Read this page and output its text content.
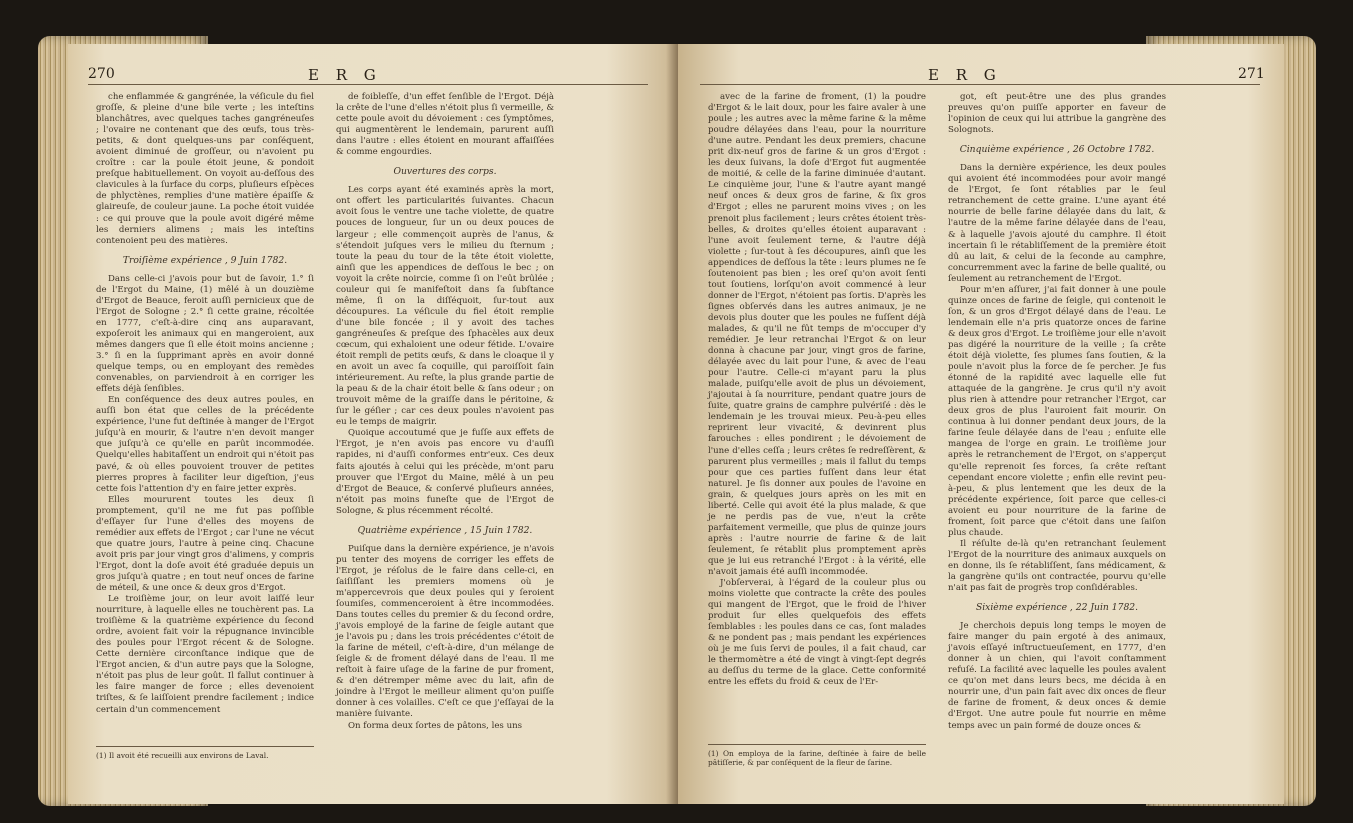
270	E R G

che enflammée & gangrénée, la véſicule du fiel groſſe, & pleine d'une bile verte ; les inteſtins blanchâtres, avec quelques taches gangréneuſes ; l'ovaire ne contenant que des œufs, tous très-petits, & dont quelques-uns par conſéquent, avoient diminué de groſſeur, ou n'avoient pu croître : car la poule étoit jeune, & pondoit preſque habituellement. On voyoit au-deſſous des clavicules à la ſurface du corps, pluſieurs eſpèces de phlyctènes, remplies d'une matière épaiſſe & glaireuſe, de couleur jaune. La poche étoit vuidée : ce qui prouve que la poule avoit digéré même les derniers alimens ; mais les inteſtins contenoient peu des matières.

Troiſième expérience , 9 Juin 1782.

Dans celle-ci j'avois pour but de ſavoir, 1.° ſi de l'Ergot du Maine, (1) mêlé à un douzième d'Ergot de Beauce, feroit auſſi pernicieux que de l'Ergot de Sologne ; 2.° ſi cette graine, récoltée en 1777, c'eſt-à-dire cinq ans auparavant, expoſeroit les animaux qui en mangeroient, aux mêmes dangers que ſi elle étoit moins ancienne ; 3.° ſi en la ſupprimant après en avoir donné quelque temps, ou en employant des remèdes convenables, on parviendroit à en corriger les effets déjà ſenſibles.

En conſéquence des deux autres poules, en auſſi bon état que celles de la précédente expérience, l'une fut deſtinée à manger de l'Ergot juſqu'à en mourir, & l'autre n'en devoit manger que juſqu'à ce qu'elle en parût incommodée. Quelqu'elles habitaſſent un endroit qui n'étoit pas pavé, & où elles pouvoient trouver de petites pierres propres à faciliter leur digeſtion, j'eus cette fois l'attention d'y en faire jetter exprès.

Elles moururent toutes les deux ſi promptement, qu'il ne me fut pas poſſible d'eſſayer ſur l'une d'elles des moyens de remédier aux effets de l'Ergot ; car l'une ne vécut que quatre jours, l'autre à peine cinq. Chacune avoit pris par jour vingt gros d'alimens, y compris l'Ergot, dont la doſe avoit été graduée depuis un gros juſqu'à quatre ; en tout neuf onces de farine de méteil, & une once & deux gros d'Ergot.

Le troiſième jour, on leur avoit laiſſé leur nourriture, à laquelle elles ne touchèrent pas. La troiſième & la quatrième expérience du ſecond ordre, avoient fait voir la répugnance invincible des poules pour l'Ergot récent & de Sologne. Cette dernière circonſtance indique que de l'Ergot ancien, & d'un autre pays que la Sologne, n'étoit pas plus de leur goût. Il fallut continuer à les faire manger de force ; elles devenoient triſtes, & ſe laiſſoient prendre facilement ; indice certain d'un commencement

(1) Il avoit été recueilli aux environs de Laval.

de foibleſſe, d'un effet ſenſible de l'Ergot. Déjà la crête de l'une d'elles n'étoit plus ſi vermeille, & cette poule avoit du dévoiement : ces ſymptômes, qui augmentèrent le lendemain, parurent auſſi dans l'autre : elles étoient en mourant affaiſſées & comme engourdies.

Ouvertures des corps.

Les corps ayant été examinés après la mort, ont offert les particularités ſuivantes. Chacun avoit ſous le ventre une tache violette, de quatre pouces de longueur, ſur un ou deux pouces de largeur ; elle commençoit auprès de l'anus, & s'étendoit juſques vers le milieu du ſternum ; toute la peau du tour de la tête étoit violette, ainſi que les appendices de deſſous le bec ; on voyoit la crête noircie, comme ſi on l'eût brûlée ; couleur qui ſe manifeſtoit dans ſa ſubſtance même, ſi on la diſſéquoit, ſur-tout aux découpures. La véſicule du fiel étoit remplie d'une bile foncée ; il y avoit des taches gangréneuſes & preſque des ſphacèles aux deux cœcum, qui exhaloient une odeur fétide. L'ovaire étoit rempli de petits œufs, & dans le cloaque il y en avoit un avec ſa coquille, qui paroiſſoit ſain intérieurement. Au reſte, la plus grande partie de la peau & de la chair étoit belle & ſans odeur ; on trouvoit même de la graiſſe dans le péritoine, & ſur le géſier ; car ces deux poules n'avoient pas eu le temps de maigrir.

Quoique accoutumé que je fuſſe aux effets de l'Ergot, je n'en avois pas encore vu d'auſſi rapides, ni d'auſſi conformes entr'eux. Ces deux faits ajoutés à celui qui les précède, m'ont paru prouver que l'Ergot du Maine, mêlé à un peu d'Ergot de Beauce, & conſervé pluſieurs années, n'étoit pas moins funeſte que de l'Ergot de Sologne, & plus récemment récolté.

Quatrième expérience , 15 Juin 1782.

Puiſque dans la dernière expérience, je n'avois pu tenter des moyens de corriger les effets de l'Ergot, je réſolus de le faire dans celle-ci, en ſaiſiſſant les premiers momens où je m'appercevrois que deux poules qui y ſeroient ſoumiſes, commenceroient à être incommodées. Dans toutes celles du premier & du ſecond ordre, j'avois employé de la farine de ſeigle autant que je l'avois pu ; dans les trois précédentes c'étoit de la farine de méteil, c'eſt-à-dire, d'un mélange de ſeigle & de froment délayé dans de l'eau. Il me reſtoit à faire uſage de la farine de pur froment, & d'en détremper même avec du lait, afin de joindre à l'Ergot le meilleur aliment qu'on puiſſe donner à ces volailles. C'eſt ce que j'eſſayai de la manière ſuivante.

On forma deux ſortes de pâtons, les uns

E R G	271

avec de la farine de froment, (1) la poudre d'Ergot & le lait doux, pour les faire avaler à une poule ; les autres avec la même farine & la même poudre délayées dans l'eau, pour la nourriture d'une autre. Pendant les deux premiers, chacune prit dix-neuf gros de farine & un gros d'Ergot : les deux ſuivans, la doſe d'Ergot fut augmentée de moitié, & celle de la farine diminuée d'autant. Le cinquième jour, l'une & l'autre ayant mangé neuf onces & deux gros de farine, & ſix gros d'Ergot ; elles ne parurent moins vives ; on les prenoit plus facilement ; leurs crêtes étoient très-belles, & droites qu'elles étoient auparavant : l'une avoit ſeulement terne, & l'autre déjà violette ; ſur-tout à ſes découpures, ainſi que les appendices de deſſous la tête : leurs plumes ne ſe ſoutenoient pas bien ; les oreſ qu'on avoit ſenti tout ſoutiens, lorſqu'on avoit commencé à leur donner de l'Ergot, n'étoient pas ſortis. D'après les ſignes obſervés dans les autres animaux, je ne devois plus douter que les poules ne fuſſent déjà malades, & qu'il ne fût temps de m'occuper d'y remédier. Je leur retranchai l'Ergot & on leur donna à chacune par jour, vingt gros de farine, délayée avec du lait pour l'une, & avec de l'eau pour l'autre. Celle-ci m'ayant paru la plus malade, puiſqu'elle avoit de plus un dévoiement, j'ajoutai à ſa nourriture, pendant quatre jours de ſuite, quatre grains de camphre pulvériſé : dès le lendemain je les trouvai mieux. Peu-à-peu elles reprirent leur vivacité, & devinrent plus farouches : elles pondirent ; le dévoiement de l'une d'elles ceſſa ; leurs crêtes ſe redreſſèrent, & parurent plus vermeilles ; mais il fallut du temps pour que ces parties fuſſent dans leur état naturel. Je ſis donner aux poules de l'avoine en grain, & quelques jours après on les mit en liberté. Celle qui avoit été la plus malade, & que je ne perdis pas de vue, n'eut la crête parfaitement vermeille, que plus de quinze jours après : l'autre nourrie de farine & de lait ſeulement, ſe rétablit plus promptement après que je lui eus retranché l'Ergot : à la vérité, elle n'avoit jamais été auſſi incommodée.

J'obſerverai, à l'égard de la couleur plus ou moins violette que contracte la crête des poules qui mangent de l'Ergot, que le froid de l'hiver produit ſur elles quelquefois des effets ſemblables : les poules dans ce cas, ſont malades & ne pondent pas ; mais pendant les expériences où je me ſuis ſervi de poules, il a fait chaud, car le thermomètre a été de vingt à vingt-ſept degrés au deſſus du terme de la glace. Cette conformité entre les effets du froid & ceux de l'Er-

(1) On employa de la farine, deſtinée à faire de belle pâtiſſerie, & par conſéquent de la fleur de ſarine.

got, eſt peut-être une des plus grandes preuves qu'on puiſſe apporter en faveur de l'opinion de ceux qui lui attribue la gangrène des Solognots.

Cinquième expérience , 26 Octobre 1782.

Dans la dernière expérience, les deux poules qui avoient été incommodées pour avoir mangé de l'Ergot, ſe ſont rétablies par le ſeul retranchement de cette graine. L'une ayant été nourrie de belle farine délayée dans du lait, & l'autre de la même farine délayée dans de l'eau, & à laquelle j'avois ajouté du camphre. Il étoit incertain ſi le rétabliſſement de la première étoit dû au lait, & celui de la ſeconde au camphre, concurremment avec la farine de belle qualité, ou ſeulement au retranchement de l'Ergot.

Pour m'en aſſurer, j'ai fait donner à une poule quinze onces de farine de ſeigle, qui contenoit le ſon, & un gros d'Ergot délayé dans de l'eau. Le lendemain elle n'a pris quatorze onces de farine & deux gros d'Ergot. Le troiſième jour elle n'avoit pas digéré la nourriture de la veille ; ſa crête étoit déjà violette, ſes plumes ſans ſoutien, & la poule n'avoit plus la force de ſe percher. Je fus étonné de la rapidité avec laquelle elle fut attaquée de la gangrène. Je crus qu'il n'y avoit plus rien à attendre pour retrancher l'Ergot, car deux gros de plus l'auroient fait mourir. On continua à lui donner pendant deux jours, de la farine ſeule délayée dans de l'eau ; enſuite elle mangea de l'orge en grain. Le troiſième jour après le retranchement de l'Ergot, on s'apperçut qu'elle reprenoit ſes forces, ſa crête reſtant cependant encore violette ; enfin elle revint peu-à-peu, & plus lentement que les deux de la précédente expérience, ſoit parce que celles-ci avoient eu pour nourriture de la farine de froment, ſoit parce que c'étoit dans une ſaiſon plus chaude.

Il réſulte de-là qu'en retranchant ſeulement l'Ergot de la nourriture des animaux auxquels on en donne, ils ſe rétabliſſent, ſans médicament, & la gangrène qu'ils ont contractée, pourvu qu'elle n'ait pas fait de progrès trop conſidérables.

Sixième expérience , 22 Juin 1782.

Je cherchois depuis long temps le moyen de faire manger du pain ergoté à des animaux, j'avois eſſayé inſtructueuſement, en 1777, d'en donner à un chien, qui l'avoit conſtamment refuſé. La facilité avec laquelle les poules avalent ce qu'on met dans leurs becs, me décida à en nourrir une, d'un pain fait avec dix onces de fleur de farine de froment, & deux onces & demie d'Ergot. Une autre poule fut nourrie en même temps avec un pain formé de douze onces &
